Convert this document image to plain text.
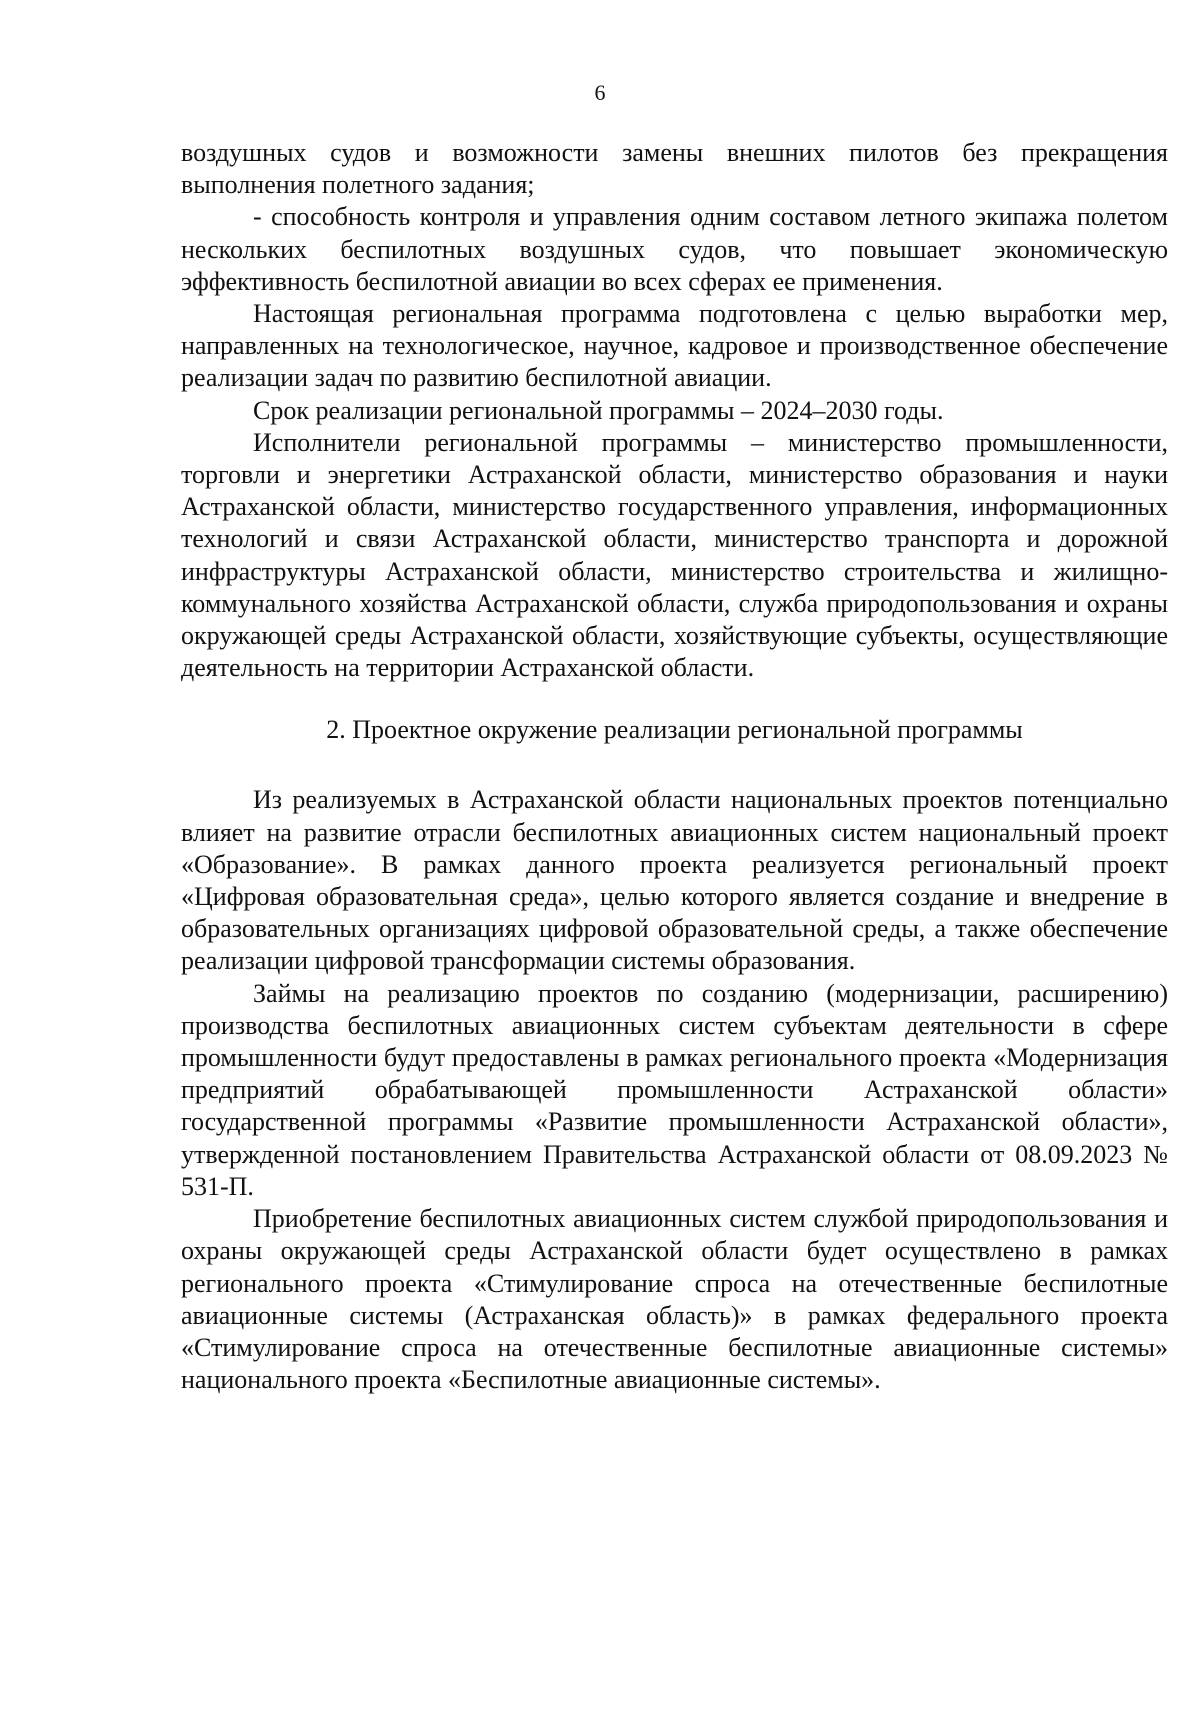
6

воздушных судов и возможности замены внешних пилотов без прекращения выполнения полетного задания;

- способность контроля и управления одним составом летного экипажа полетом нескольких беспилотных воздушных судов, что повышает экономическую эффективность беспилотной авиации во всех сферах ее применения.

Настоящая региональная программа подготовлена с целью выработки мер, направленных на технологическое, научное, кадровое и производственное обеспечение реализации задач по развитию беспилотной авиации.

Срок реализации региональной программы – 2024–2030 годы.

Исполнители региональной программы – министерство промышленности, торговли и энергетики Астраханской области, министерство образования и науки Астраханской области, министерство государственного управления, информационных технологий и связи Астраханской области, министерство транспорта и дорожной инфраструктуры Астраханской области, министерство строительства и жилищно-коммунального хозяйства Астраханской области, служба природопользования и охраны окружающей среды Астраханской области, хозяйствующие субъекты, осуществляющие деятельность на территории Астраханской области.

2. Проектное окружение реализации региональной программы

Из реализуемых в Астраханской области национальных проектов потенциально влияет на развитие отрасли беспилотных авиационных систем национальный проект «Образование». В рамках данного проекта реализуется региональный проект «Цифровая образовательная среда», целью которого является создание и внедрение в образовательных организациях цифровой образовательной среды, а также обеспечение реализации цифровой трансформации системы образования.

Займы на реализацию проектов по созданию (модернизации, расширению) производства беспилотных авиационных систем субъектам деятельности в сфере промышленности будут предоставлены в рамках регионального проекта «Модернизация предприятий обрабатывающей промышленности Астраханской области» государственной программы «Развитие промышленности Астраханской области», утвержденной постановлением Правительства Астраханской области от 08.09.2023 № 531-П.

Приобретение беспилотных авиационных систем службой природопользования и охраны окружающей среды Астраханской области будет осуществлено в рамках регионального проекта «Стимулирование спроса на отечественные беспилотные авиационные системы (Астраханская область)» в рамках федерального проекта «Стимулирование спроса на отечественные беспилотные авиационные системы» национального проекта «Беспилотные авиационные системы».
